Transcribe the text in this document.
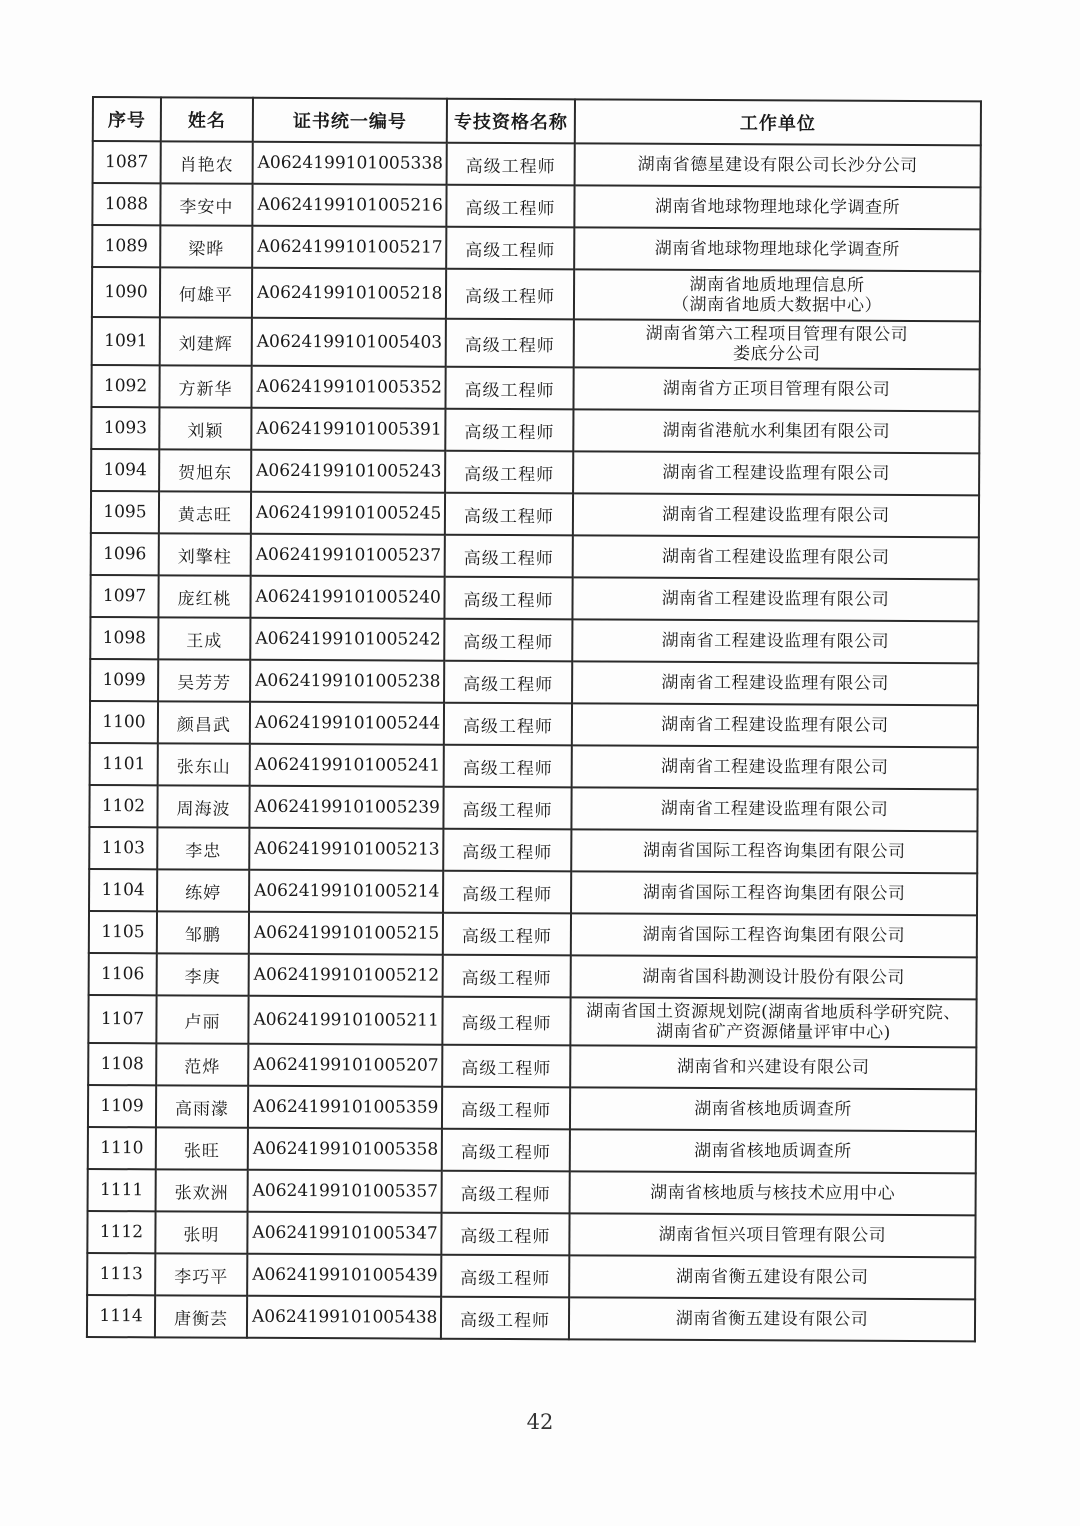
序号	姓名	证书统一编号	专技资格名称	工作单位
1087	肖艳农	A0624199101005338	高级工程师	湖南省德星建设有限公司长沙分公司
1088	李安中	A0624199101005216	高级工程师	湖南省地球物理地球化学调查所
1089	梁晔	A0624199101005217	高级工程师	湖南省地球物理地球化学调查所
1090	何雄平	A0624199101005218	高级工程师	湖南省地质地理信息所
（湖南省地质大数据中心）
1091	刘建辉	A0624199101005403	高级工程师	湖南省第六工程项目管理有限公司
娄底分公司
1092	方新华	A0624199101005352	高级工程师	湖南省方正项目管理有限公司
1093	刘颖	A0624199101005391	高级工程师	湖南省港航水利集团有限公司
1094	贺旭东	A0624199101005243	高级工程师	湖南省工程建设监理有限公司
1095	黄志旺	A0624199101005245	高级工程师	湖南省工程建设监理有限公司
1096	刘擎柱	A0624199101005237	高级工程师	湖南省工程建设监理有限公司
1097	庞红桃	A0624199101005240	高级工程师	湖南省工程建设监理有限公司
1098	王成	A0624199101005242	高级工程师	湖南省工程建设监理有限公司
1099	吴芳芳	A0624199101005238	高级工程师	湖南省工程建设监理有限公司
1100	颜昌武	A0624199101005244	高级工程师	湖南省工程建设监理有限公司
1101	张东山	A0624199101005241	高级工程师	湖南省工程建设监理有限公司
1102	周海波	A0624199101005239	高级工程师	湖南省工程建设监理有限公司
1103	李忠	A0624199101005213	高级工程师	湖南省国际工程咨询集团有限公司
1104	练婷	A0624199101005214	高级工程师	湖南省国际工程咨询集团有限公司
1105	邹鹏	A0624199101005215	高级工程师	湖南省国际工程咨询集团有限公司
1106	李庚	A0624199101005212	高级工程师	湖南省国科勘测设计股份有限公司
1107	卢丽	A0624199101005211	高级工程师	湖南省国土资源规划院(湖南省地质科学研究院、
湖南省矿产资源储量评审中心)
1108	范烨	A0624199101005207	高级工程师	湖南省和兴建设有限公司
1109	高雨濛	A0624199101005359	高级工程师	湖南省核地质调查所
1110	张旺	A0624199101005358	高级工程师	湖南省核地质调查所
1111	张欢洲	A0624199101005357	高级工程师	湖南省核地质与核技术应用中心
1112	张明	A0624199101005347	高级工程师	湖南省恒兴项目管理有限公司
1113	李巧平	A0624199101005439	高级工程师	湖南省衡五建设有限公司
1114	唐衡芸	A0624199101005438	高级工程师	湖南省衡五建设有限公司
42
